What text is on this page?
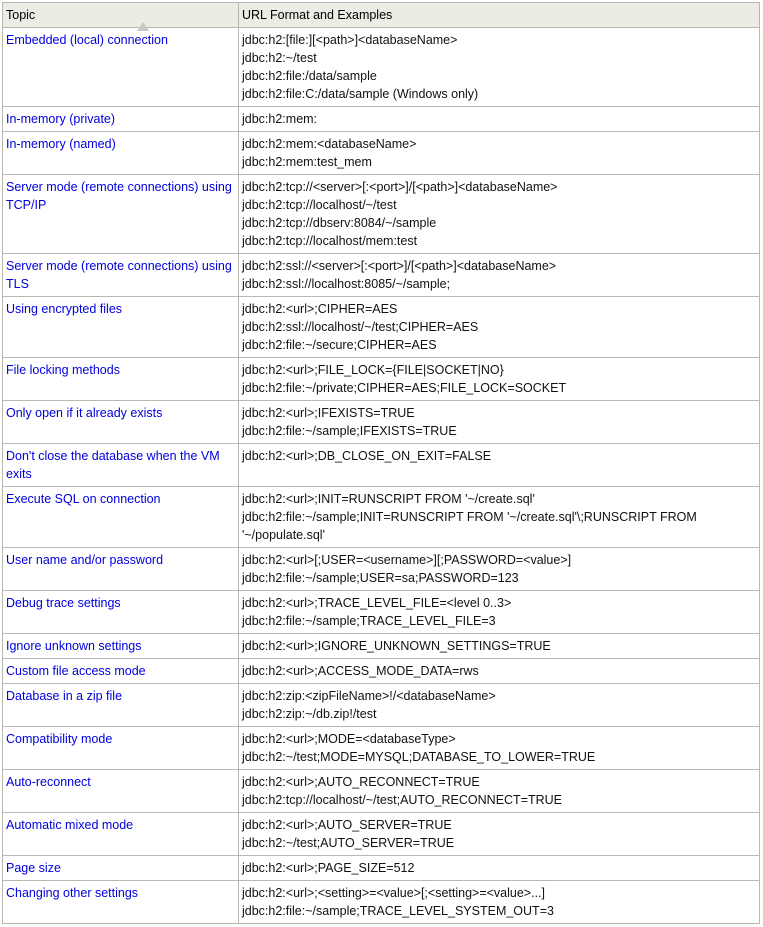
Topic	URL Format and Examples
Embedded (local) connection	jdbc:h2:[file:][<path>]<databaseName>
jdbc:h2:~/test
jdbc:h2:file:/data/sample
jdbc:h2:file:C:/data/sample (Windows only)

In-memory (private)	jdbc:h2:mem:

In-memory (named)	jdbc:h2:mem:<databaseName>
jdbc:h2:mem:test_mem

Server mode (remote connections) using TCP/IP	jdbc:h2:tcp://<server>[:<port>]/[<path>]<databaseName>
jdbc:h2:tcp://localhost/~/test
jdbc:h2:tcp://dbserv:8084/~/sample
jdbc:h2:tcp://localhost/mem:test

Server mode (remote connections) using TLS	jdbc:h2:ssl://<server>[:<port>]/[<path>]<databaseName>
jdbc:h2:ssl://localhost:8085/~/sample;

Using encrypted files	jdbc:h2:<url>;CIPHER=AES
jdbc:h2:ssl://localhost/~/test;CIPHER=AES
jdbc:h2:file:~/secure;CIPHER=AES

File locking methods	jdbc:h2:<url>;FILE_LOCK={FILE|SOCKET|NO}
jdbc:h2:file:~/private;CIPHER=AES;FILE_LOCK=SOCKET

Only open if it already exists	jdbc:h2:<url>;IFEXISTS=TRUE
jdbc:h2:file:~/sample;IFEXISTS=TRUE

Don't close the database when the VM exits	jdbc:h2:<url>;DB_CLOSE_ON_EXIT=FALSE

Execute SQL on connection	jdbc:h2:<url>;INIT=RUNSCRIPT FROM '~/create.sql'
jdbc:h2:file:~/sample;INIT=RUNSCRIPT FROM '~/create.sql'\;RUNSCRIPT FROM '~/populate.sql'

User name and/or password	jdbc:h2:<url>[;USER=<username>][;PASSWORD=<value>]
jdbc:h2:file:~/sample;USER=sa;PASSWORD=123

Debug trace settings	jdbc:h2:<url>;TRACE_LEVEL_FILE=<level 0..3>
jdbc:h2:file:~/sample;TRACE_LEVEL_FILE=3

Ignore unknown settings	jdbc:h2:<url>;IGNORE_UNKNOWN_SETTINGS=TRUE

Custom file access mode	jdbc:h2:<url>;ACCESS_MODE_DATA=rws

Database in a zip file	jdbc:h2:zip:<zipFileName>!/<databaseName>
jdbc:h2:zip:~/db.zip!/test

Compatibility mode	jdbc:h2:<url>;MODE=<databaseType>
jdbc:h2:~/test;MODE=MYSQL;DATABASE_TO_LOWER=TRUE

Auto-reconnect	jdbc:h2:<url>;AUTO_RECONNECT=TRUE
jdbc:h2:tcp://localhost/~/test;AUTO_RECONNECT=TRUE

Automatic mixed mode	jdbc:h2:<url>;AUTO_SERVER=TRUE
jdbc:h2:~/test;AUTO_SERVER=TRUE

Page size	jdbc:h2:<url>;PAGE_SIZE=512

Changing other settings	jdbc:h2:<url>;<setting>=<value>[;<setting>=<value>...]
jdbc:h2:file:~/sample;TRACE_LEVEL_SYSTEM_OUT=3
